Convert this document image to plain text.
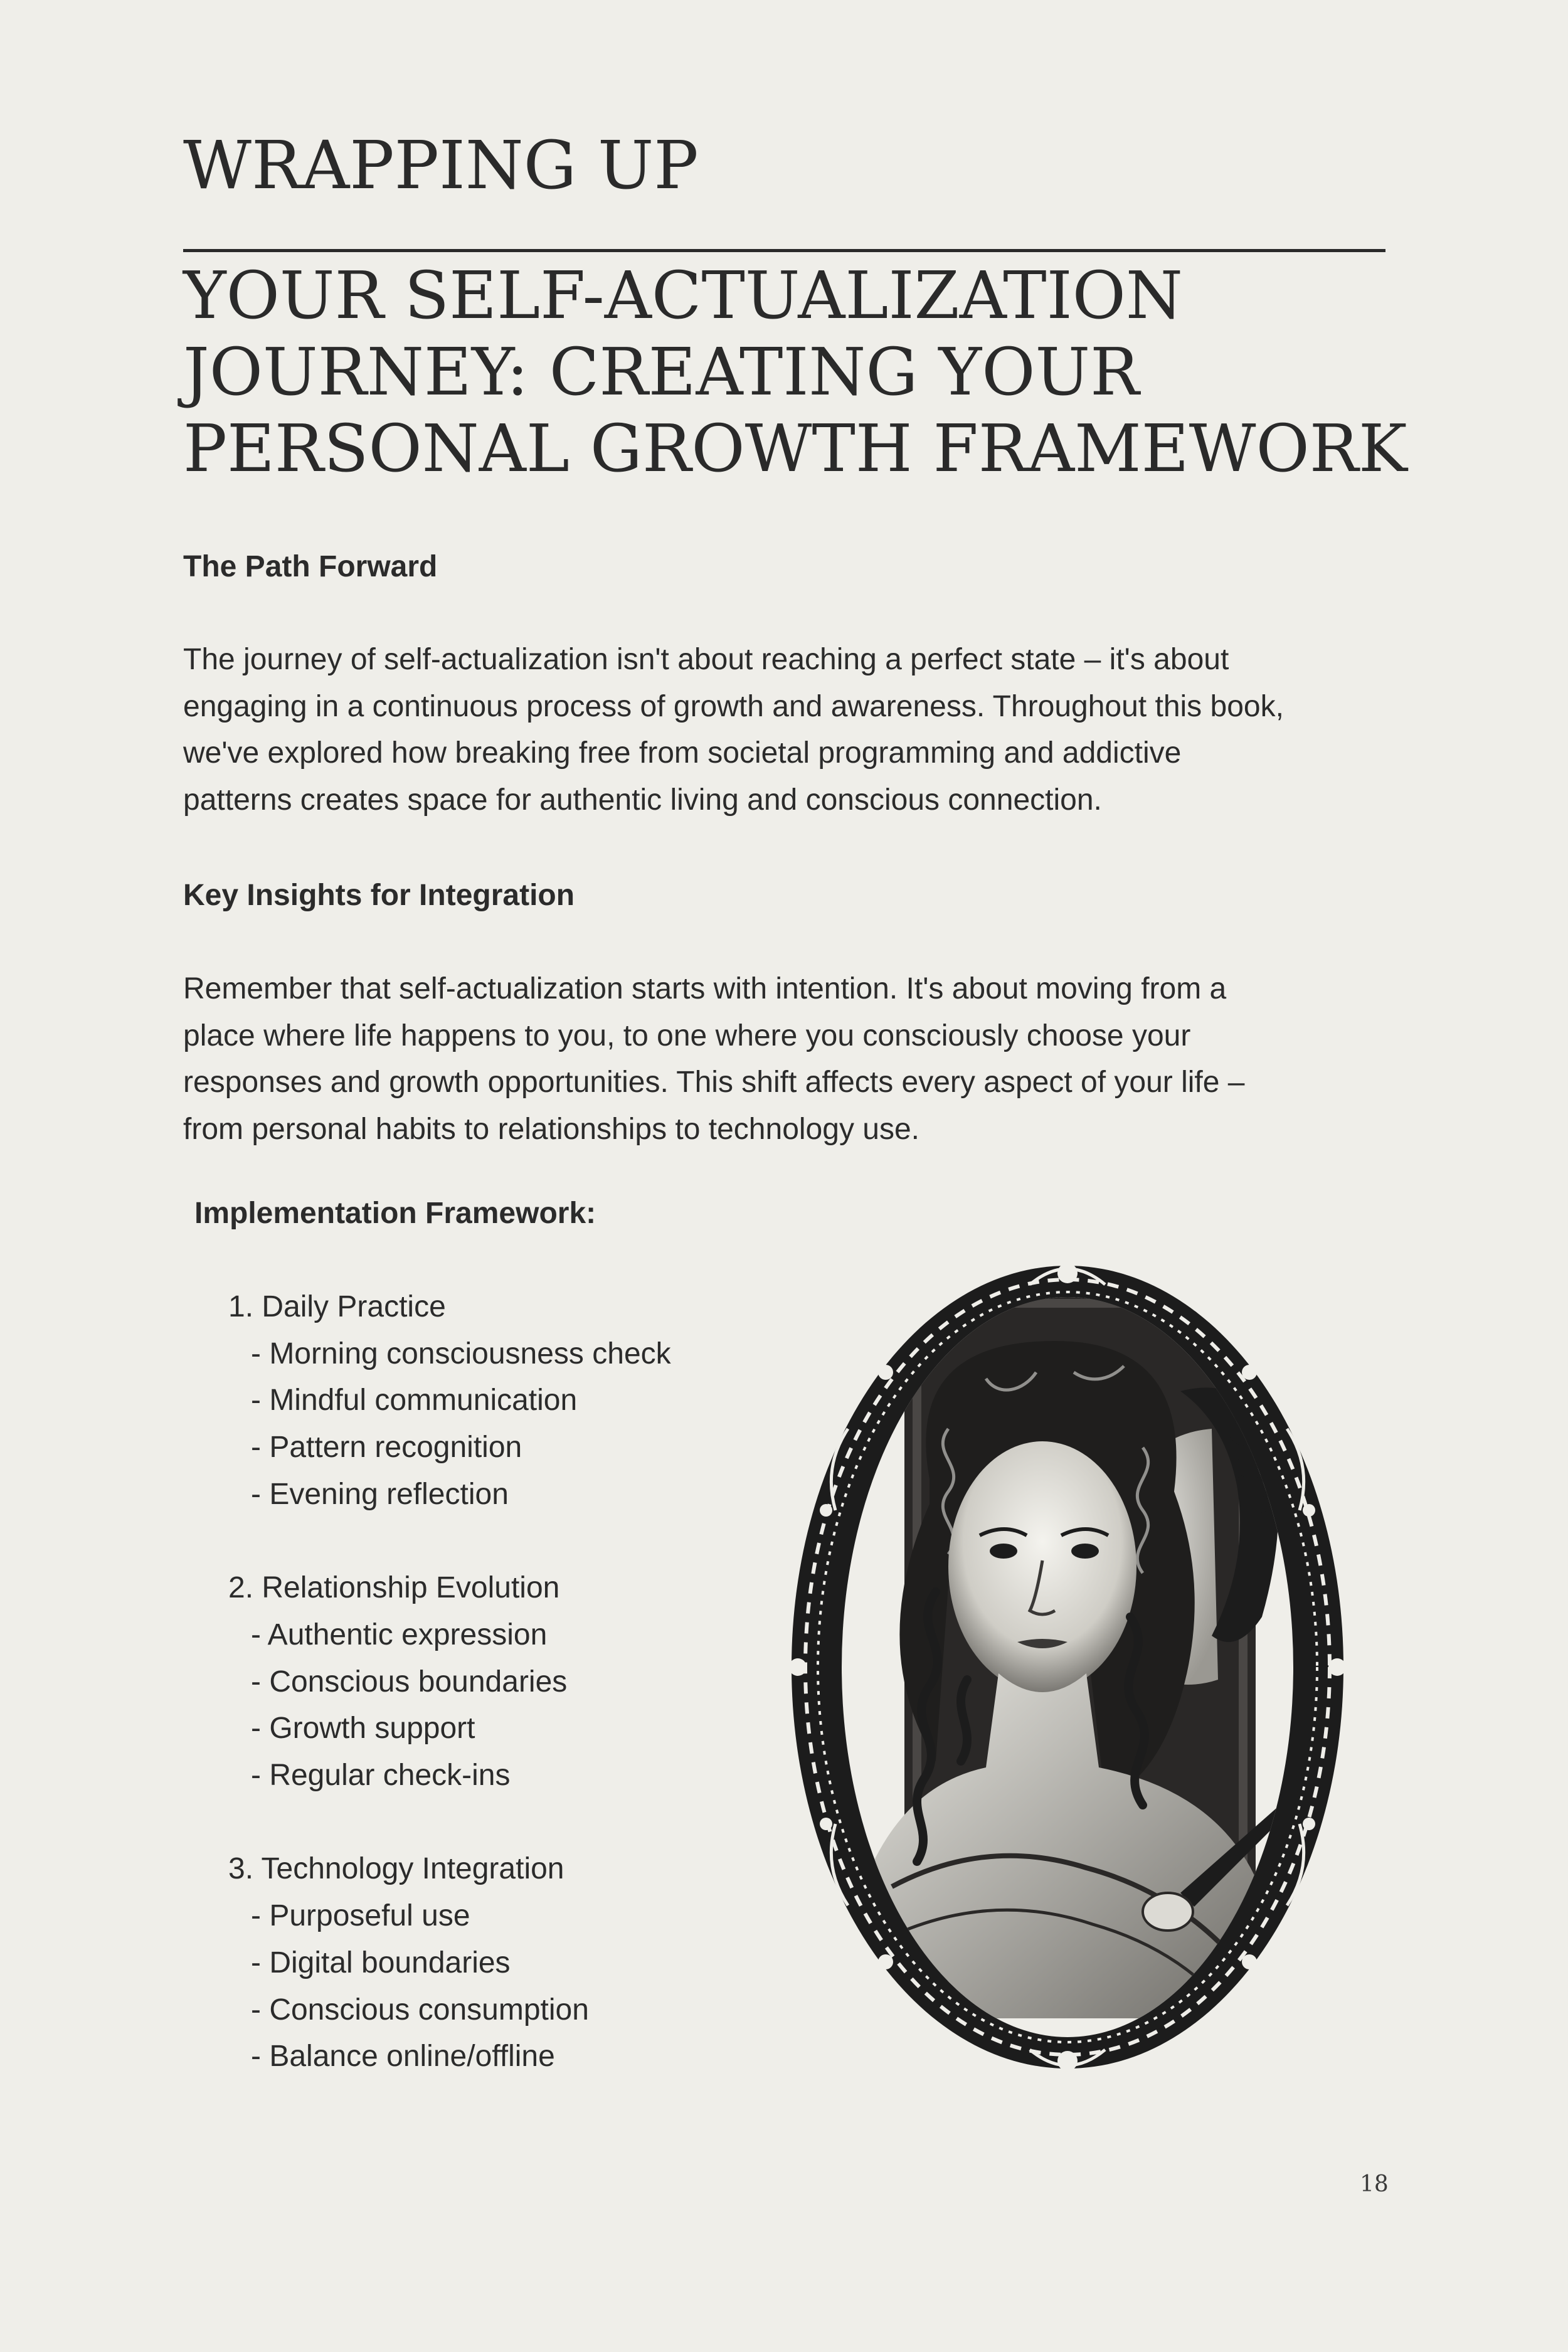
WRAPPING UP
YOUR SELF-ACTUALIZATION
JOURNEY: CREATING YOUR
PERSONAL GROWTH FRAMEWORK
The Path Forward

The journey of self-actualization isn't about reaching a perfect state – it's about
engaging in a continuous process of growth and awareness. Throughout this book,
we've explored how breaking free from societal programming and addictive
patterns creates space for authentic living and conscious connection.

Key Insights for Integration

Remember that self-actualization starts with intention. It's about moving from a
place where life happens to you, to one where you consciously choose your
responses and growth opportunities. This shift affects every aspect of your life –
from personal habits to relationships to technology use.

Implementation Framework:
1. Daily Practice
- Morning consciousness check
- Mindful communication
- Pattern recognition
- Evening reflection
2. Relationship Evolution
- Authentic expression
- Conscious boundaries
- Growth support
- Regular check-ins
3. Technology Integration
- Purposeful use
- Digital boundaries
- Conscious consumption
- Balance online/offline
18
